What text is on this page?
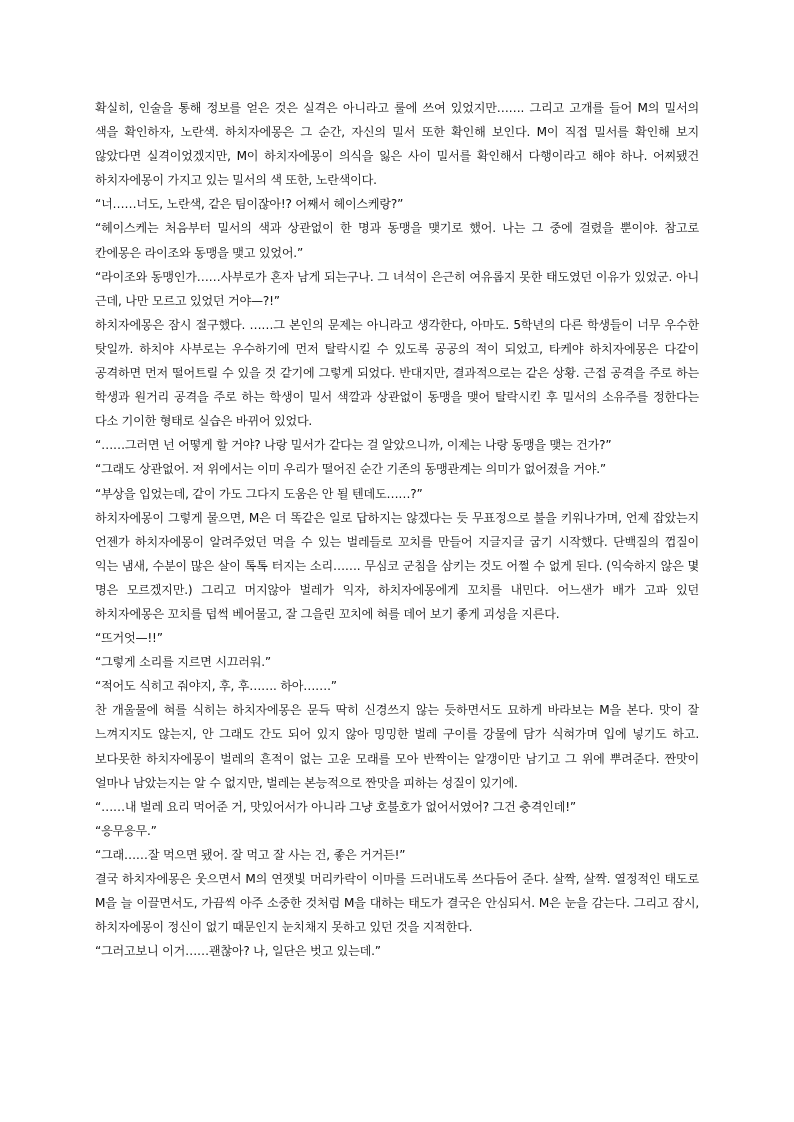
확실히, 인술을 통해 정보를 얻은 것은 실격은 아니라고 룰에 쓰여 있었지만……. 그리고 고개를 들어 M의 밀서의 색을 확인하자, 노란색. 하치자에몽은 그 순간, 자신의 밀서 또한 확인해 보인다. M이 직접 밀서를 확인해 보지 않았다면 실격이었겠지만, M이 하치자에몽이 의식을 잃은 사이 밀서를 확인해서 다행이라고 해야 하나. 어찌됐건 하치자에몽이 가지고 있는 밀서의 색 또한, 노란색이다.

“너……너도, 노란색, 같은 팀이잖아!? 어째서 헤이스케랑?”

“헤이스케는 처음부터 밀서의 색과 상관없이 한 명과 동맹을 맺기로 했어. 나는 그 중에 걸렸을 뿐이야. 참고로 칸에몽은 라이조와 동맹을 맺고 있었어.”

“라이조와 동맹인가……사부로가 혼자 남게 되는구나. 그 녀석이 은근히 여유롭지 못한 태도였던 이유가 있었군. 아니 근데, 나만 모르고 있었던 거야—?!”

하치자에몽은 잠시 절구했다. ……그 본인의 문제는 아니라고 생각한다, 아마도. 5학년의 다른 학생들이 너무 우수한 탓일까. 하치야 사부로는 우수하기에 먼저 탈락시킬 수 있도록 공공의 적이 되었고, 타케야 하치자에몽은 다같이 공격하면 먼저 떨어트릴 수 있을 것 같기에 그렇게 되었다. 반대지만, 결과적으로는 같은 상황. 근접 공격을 주로 하는 학생과 원거리 공격을 주로 하는 학생이 밀서 색깔과 상관없이 동맹을 맺어 탈락시킨 후 밀서의 소유주를 정한다는 다소 기이한 형태로 실습은 바뀌어 있었다.

“……그러면 넌 어떻게 할 거야? 나랑 밀서가 같다는 걸 알았으니까, 이제는 나랑 동맹을 맺는 건가?”

“그래도 상관없어. 저 위에서는 이미 우리가 떨어진 순간 기존의 동맹관계는 의미가 없어졌을 거야.”

“부상을 입었는데, 같이 가도 그다지 도움은 안 될 텐데도……?”

하치자에몽이 그렇게 물으면, M은 더 똑같은 일로 답하지는 않겠다는 듯 무표정으로 불을 키워나가며, 언제 잡았는지 언젠가 하치자에몽이 알려주었던 먹을 수 있는 벌레들로 꼬치를 만들어 지글지글 굽기 시작했다. 단백질의 껍질이 익는 냄새, 수분이 많은 살이 톡톡 터지는 소리……. 무심코 군침을 삼키는 것도 어쩔 수 없게 된다. (익숙하지 않은 몇 명은 모르겠지만.) 그리고 머지않아 벌레가 익자, 하치자에몽에게 꼬치를 내민다. 어느샌가 배가 고파 있던 하치자에몽은 꼬치를 덥썩 베어물고, 잘 그을린 꼬치에 혀를 데어 보기 좋게 괴성을 지른다.

“뜨거엇—!!”

“그렇게 소리를 지르면 시끄러워.”

“적어도 식히고 줘야지, 후, 후……. 하아…….”

찬 개울물에 혀를 식히는 하치자에몽은 문득 딱히 신경쓰지 않는 듯하면서도 묘하게 바라보는 M을 본다. 맛이 잘 느껴지지도 않는지, 안 그래도 간도 되어 있지 않아 밍밍한 벌레 구이를 강물에 담가 식혀가며 입에 넣기도 하고. 보다못한 하치자에몽이 벌레의 흔적이 없는 고운 모래를 모아 반짝이는 알갱이만 남기고 그 위에 뿌려준다. 짠맛이 얼마나 남았는지는 알 수 없지만, 벌레는 본능적으로 짠맛을 피하는 성질이 있기에.

“……내 벌레 요리 먹어준 거, 맛있어서가 아니라 그냥 호불호가 없어서였어? 그건 충격인데!”

“응무응무.”

“그래……잘 먹으면 됐어. 잘 먹고 잘 사는 건, 좋은 거거든!”

결국 하치자에몽은 웃으면서 M의 연잿빛 머리카락이 이마를 드러내도록 쓰다듬어 준다. 살짝, 살짝. 열정적인 태도로 M을 늘 이끌면서도, 가끔씩 아주 소중한 것처럼 M을 대하는 태도가 결국은 안심되서. M은 눈을 감는다. 그리고 잠시, 하치자에몽이 정신이 없기 때문인지 눈치채지 못하고 있던 것을 지적한다.

“그러고보니 이거……괜찮아? 나, 일단은 벗고 있는데.”
